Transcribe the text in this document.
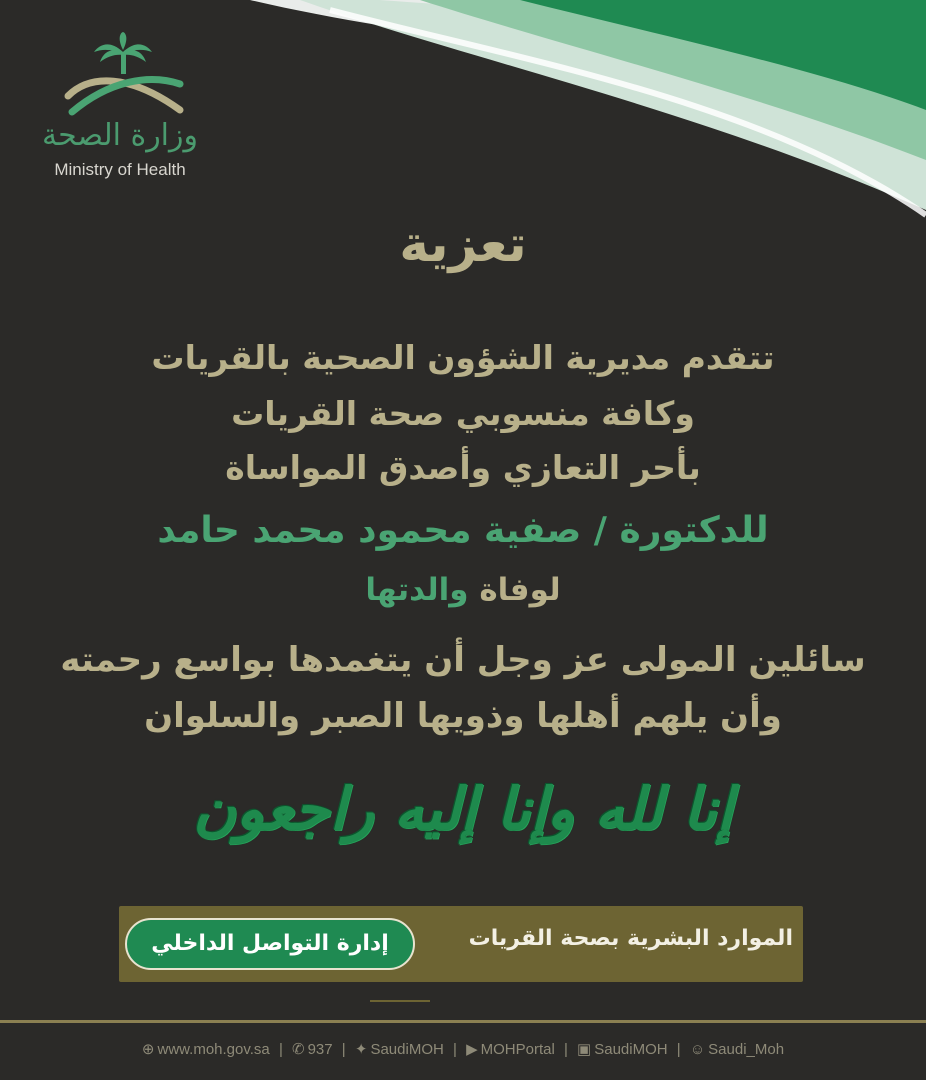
وزارة الصحة
Ministry of Health
تعزية
تتقدم مديرية الشؤون الصحية بالقريات
وكافة منسوبي صحة القريات
بأحر التعازي وأصدق المواساة
للدكتورة / صفية محمود محمد حامد
لوفاة والدتها
سائلين المولى عز وجل أن يتغمدها بواسع رحمته
وأن يلهم أهلها وذويها الصبر والسلوان
إنا لله وإنا إليه راجعون
الموارد البشرية بصحة القريات
إدارة التواصل الداخلي
⊕ www.moh.gov.sa | ✆ 937 | ✦ SaudiMOH | ▶ MOHPortal | ▣ SaudiMOH | ☺ Saudi_Moh
